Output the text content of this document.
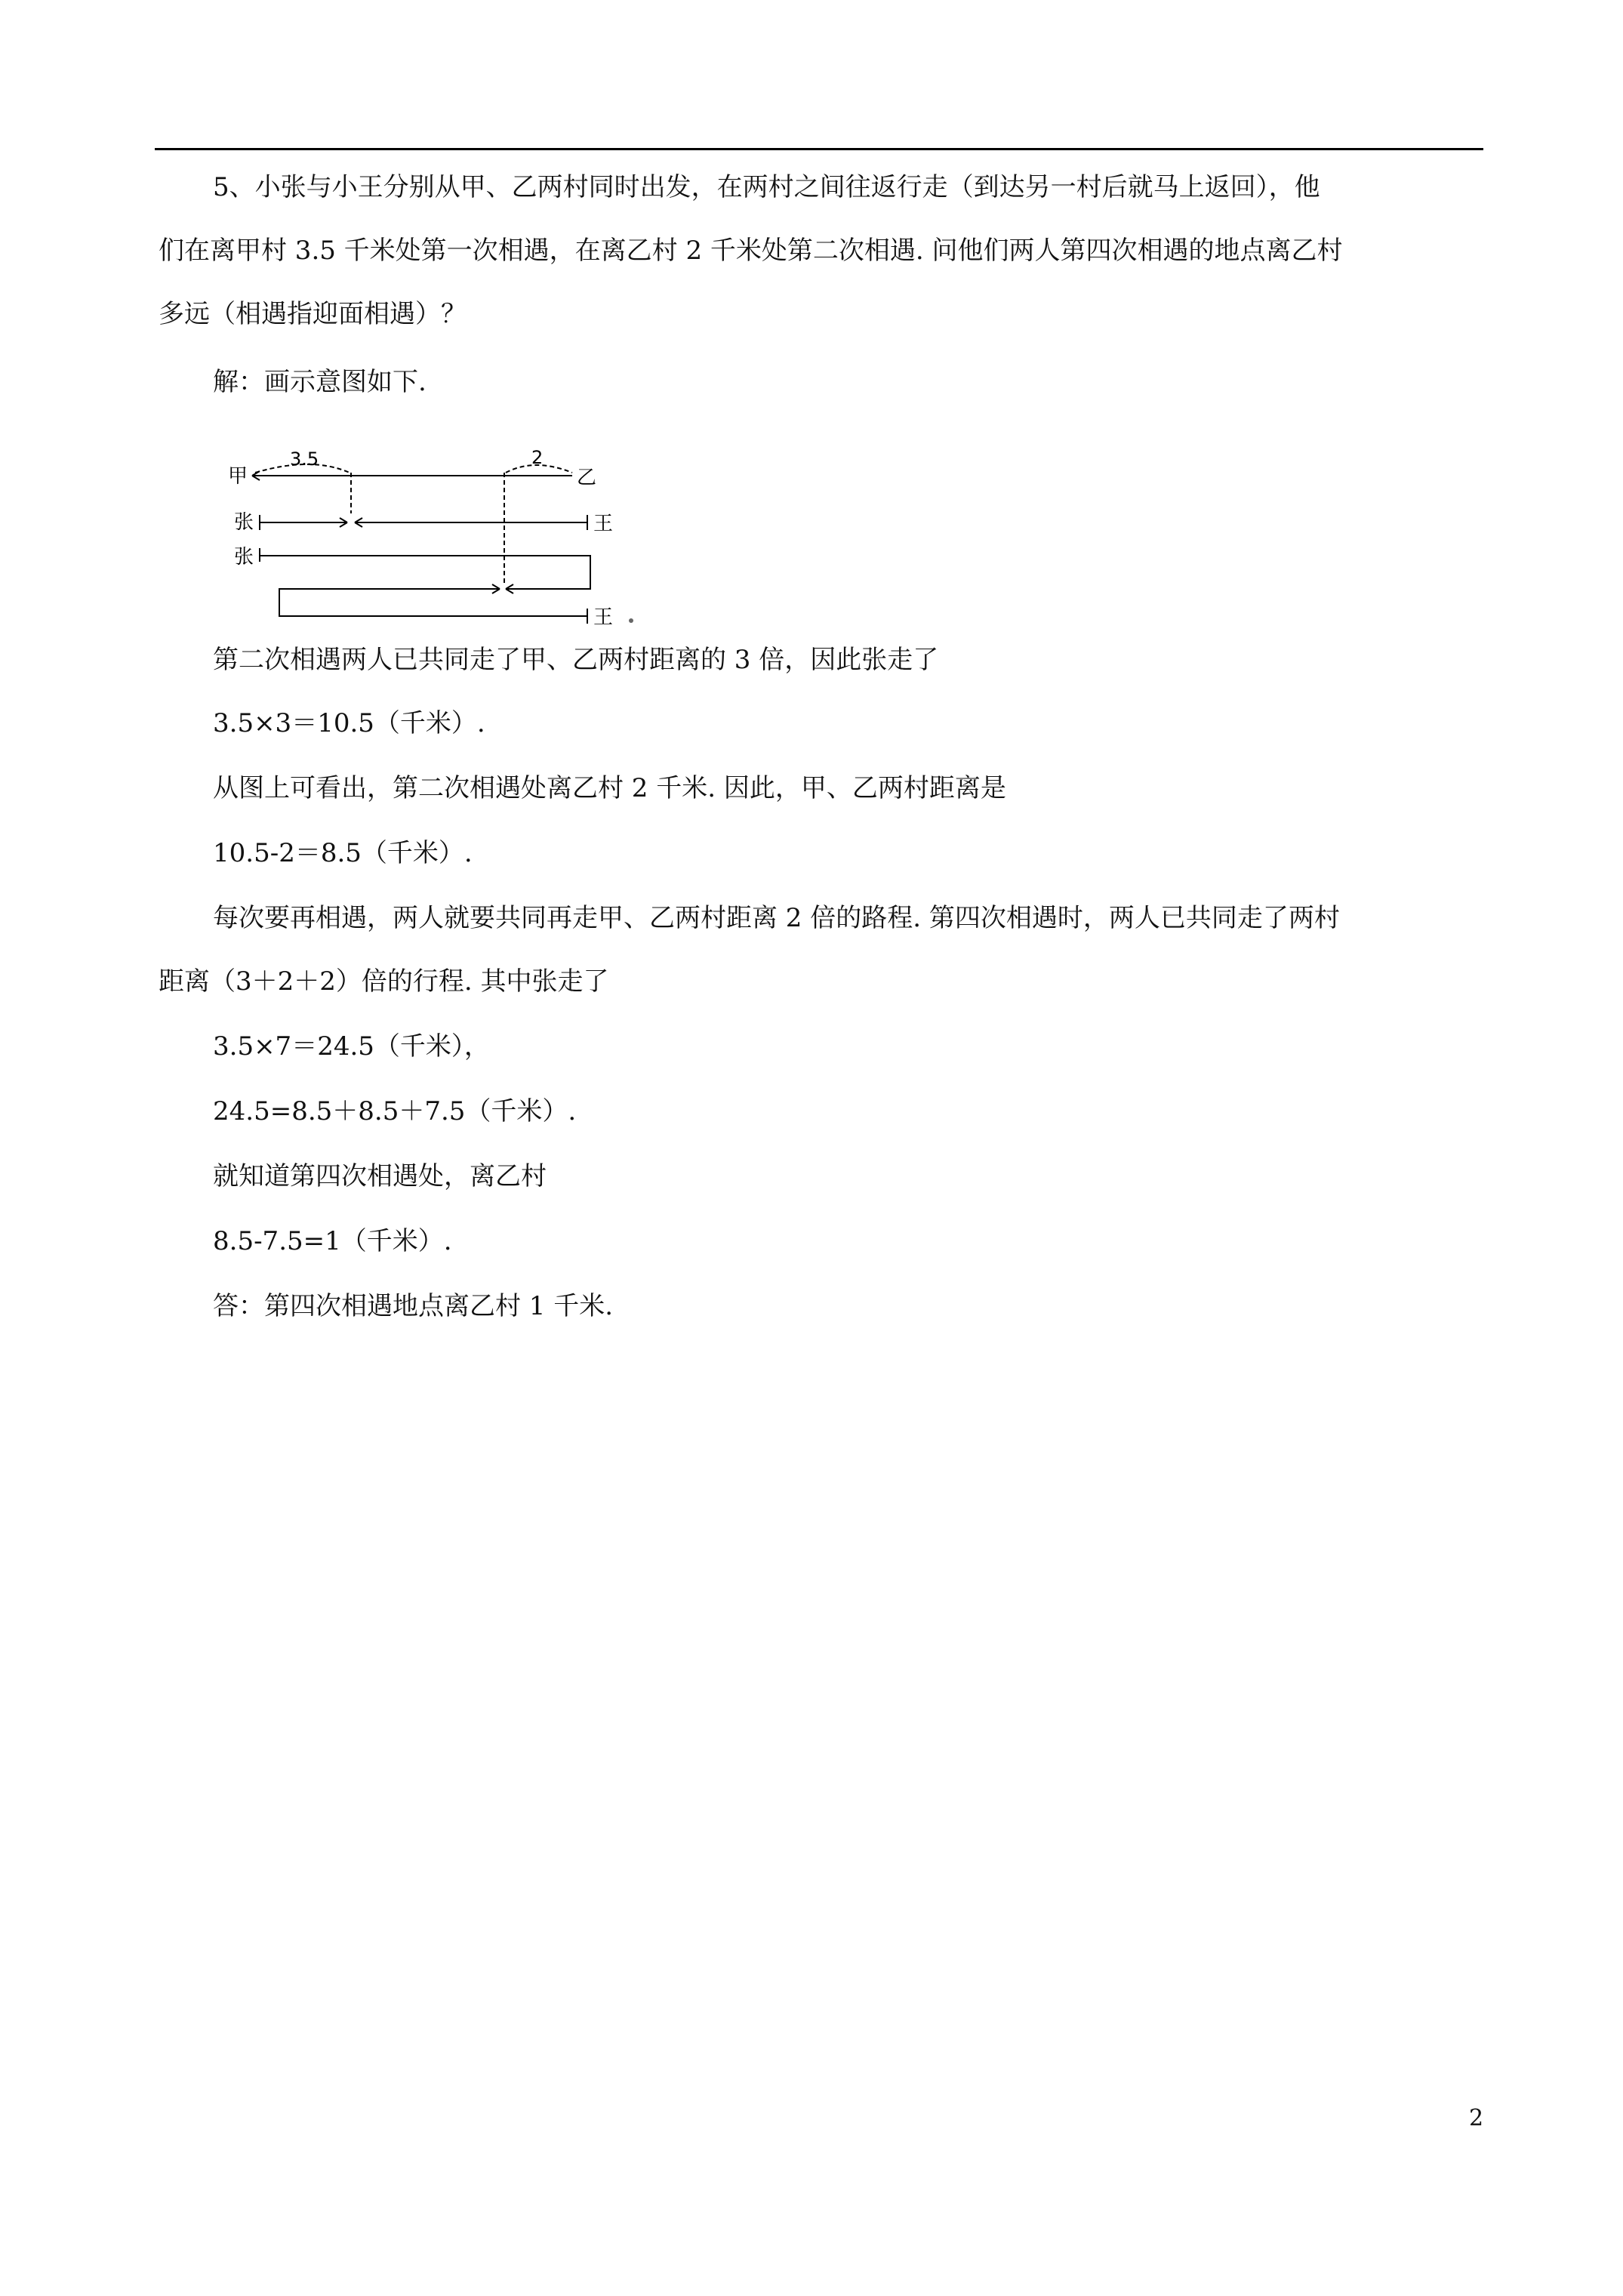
5、小张与小王分别从甲、乙两村同时出发，在两村之间往返行走（到达另一村后就马上返回），他
们在离甲村 3.5 千米处第一次相遇，在离乙村 2 千米处第二次相遇. 问他们两人第四次相遇的地点离乙村
多远（相遇指迎面相遇）？
解：画示意图如下.
甲
3.5	2
乙
张	王
张
王
第二次相遇两人已共同走了甲、乙两村距离的 3 倍，因此张走了
3.5×3＝10.5（千米）.
从图上可看出，第二次相遇处离乙村 2 千米. 因此，甲、乙两村距离是
10.5-2＝8.5（千米）.
每次要再相遇，两人就要共同再走甲、乙两村距离 2 倍的路程. 第四次相遇时，两人已共同走了两村
距离（3＋2＋2）倍的行程. 其中张走了
3.5×7＝24.5（千米），
24.5=8.5＋8.5＋7.5（千米）.
就知道第四次相遇处，离乙村
8.5-7.5=1（千米）.
答：第四次相遇地点离乙村 1 千米.
2
